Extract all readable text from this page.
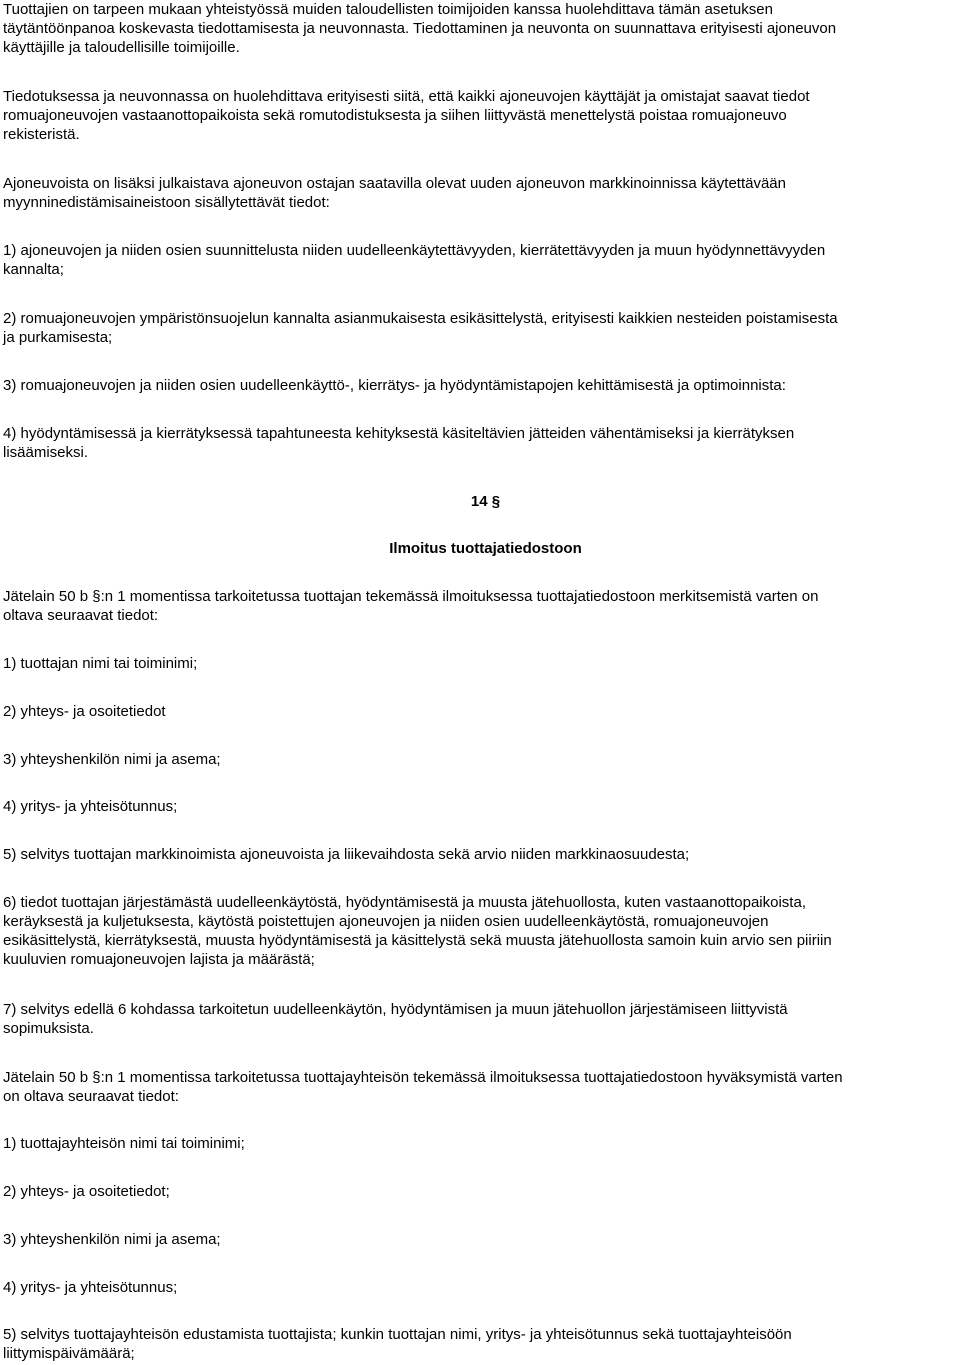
Tuottajien on tarpeen mukaan yhteistyössä muiden taloudellisten toimijoiden kanssa huolehdittava tämän asetuksen
täytäntöönpanoa koskevasta tiedottamisesta ja neuvonnasta. Tiedottaminen ja neuvonta on suunnattava erityisesti ajoneuvon
käyttäjille ja taloudellisille toimijoille.

Tiedotuksessa ja neuvonnassa on huolehdittava erityisesti siitä, että kaikki ajoneuvojen käyttäjät ja omistajat saavat tiedot
romuajoneuvojen vastaanottopaikoista sekä romutodistuksesta ja siihen liittyvästä menettelystä poistaa romuajoneuvo
rekisteristä.

Ajoneuvoista on lisäksi julkaistava ajoneuvon ostajan saatavilla olevat uuden ajoneuvon markkinoinnissa käytettävään
myynninedistämisaineistoon sisällytettävät tiedot:

1) ajoneuvojen ja niiden osien suunnittelusta niiden uudelleenkäytettävyyden, kierrätettävyyden ja muun hyödynnettävyyden
kannalta;

2) romuajoneuvojen ympäristönsuojelun kannalta asianmukaisesta esikäsittelystä, erityisesti kaikkien nesteiden poistamisesta
ja purkamisesta;

3) romuajoneuvojen ja niiden osien uudelleenkäyttö-, kierrätys- ja hyödyntämistapojen kehittämisestä ja optimoinnista:

4) hyödyntämisessä ja kierrätyksessä tapahtuneesta kehityksestä käsiteltävien jätteiden vähentämiseksi ja kierrätyksen
lisäämiseksi.

14 §

Ilmoitus tuottajatiedostoon

Jätelain 50 b §:n 1 momentissa tarkoitetussa tuottajan tekemässä ilmoituksessa tuottajatiedostoon merkitsemistä varten on
oltava seuraavat tiedot:

1) tuottajan nimi tai toiminimi;

2) yhteys- ja osoitetiedot

3) yhteyshenkilön nimi ja asema;

4) yritys- ja yhteisötunnus;

5) selvitys tuottajan markkinoimista ajoneuvoista ja liikevaihdosta sekä arvio niiden markkinaosuudesta;

6) tiedot tuottajan järjestämästä uudelleenkäytöstä, hyödyntämisestä ja muusta jätehuollosta, kuten vastaanottopaikoista,
keräyksestä ja kuljetuksesta, käytöstä poistettujen ajoneuvojen ja niiden osien uudelleenkäytöstä, romuajoneuvojen
esikäsittelystä, kierrätyksestä, muusta hyödyntämisestä ja käsittelystä sekä muusta jätehuollosta samoin kuin arvio sen piiriin
kuuluvien romuajoneuvojen lajista ja määrästä;

7) selvitys edellä 6 kohdassa tarkoitetun uudelleenkäytön, hyödyntämisen ja muun jätehuollon järjestämiseen liittyvistä
sopimuksista.

Jätelain 50 b §:n 1 momentissa tarkoitetussa tuottajayhteisön tekemässä ilmoituksessa tuottajatiedostoon hyväksymistä varten
on oltava seuraavat tiedot:

1) tuottajayhteisön nimi tai toiminimi;

2) yhteys- ja osoitetiedot;

3) yhteyshenkilön nimi ja asema;

4) yritys- ja yhteisötunnus;

5) selvitys tuottajayhteisön edustamista tuottajista; kunkin tuottajan nimi, yritys- ja yhteisötunnus sekä tuottajayhteisöön
liittymispäivämäärä;
